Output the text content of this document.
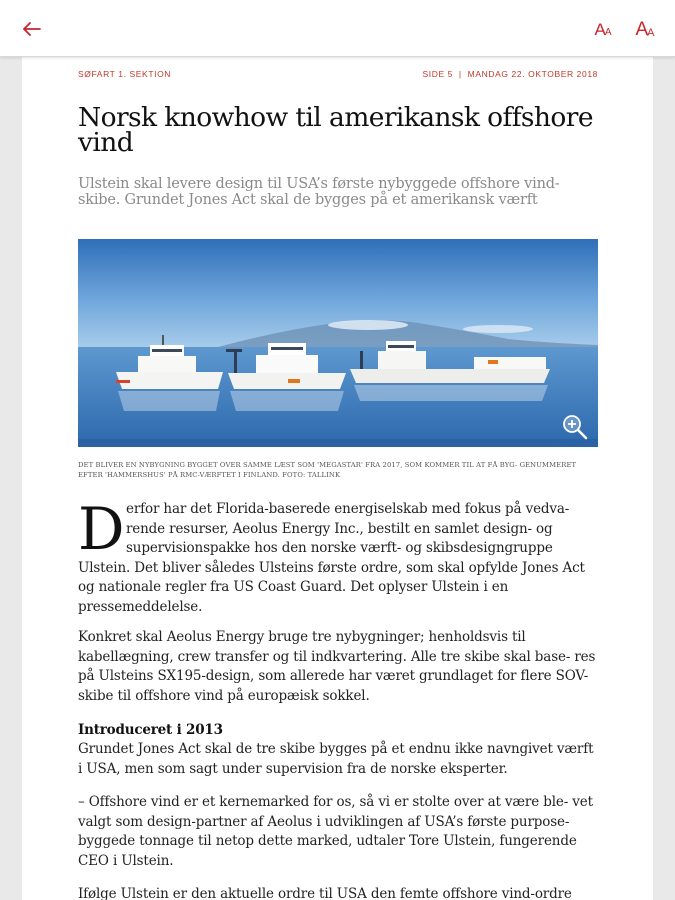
A A A A
SØFART 1. SEKTION	SIDE 5  |  MANDAG 22. OKTOBER 2018
Norsk knowhow til amerikansk offshore vind
Ulstein skal levere design til USA’s første nybyggede offshore vind-skibe. Grundet Jones Act skal de bygges på et amerikansk værft
DET BLIVER EN NYBYGNING BYGGET OVER SAMME LÆST SOM 'MEGASTAR' FRA 2017, SOM KOMMER TIL AT FÅ BYG- GENUMMERET EFTER 'HAMMERSHUS' PÅ RMC-VÆRFTET I FINLAND. FOTO: TALLINK
Derfor har det Florida-baserede energiselskab med fokus på vedva- rende resurser, Aeolus Energy Inc., bestilt en samlet design- og supervisionspakke hos den norske værft- og skibsdesigngruppe Ulstein. Det bliver således Ulsteins første ordre, som skal opfylde Jones Act og nationale regler fra US Coast Guard. Det oplyser Ulstein i en pressemeddelelse.
Konkret skal Aeolus Energy bruge tre nybygninger; henholdsvis til kabellægning, crew transfer og til indkvartering. Alle tre skibe skal base- res på Ulsteins SX195-design, som allerede har været grundlaget for flere SOV-skibe til offshore vind på europæisk sokkel.
Introduceret i 2013
Grundet Jones Act skal de tre skibe bygges på et endnu ikke navngivet værft i USA, men som sagt under supervision fra de norske eksperter.
– Offshore vind er et kernemarked for os, så vi er stolte over at være ble- vet valgt som design-partner af Aeolus i udviklingen af USA’s første purpose-byggede tonnage til netop dette marked, udtaler Tore Ulstein, fungerende CEO i Ulstein.
Ifølge Ulstein er den aktuelle ordre til USA den femte offshore vind-ordre
